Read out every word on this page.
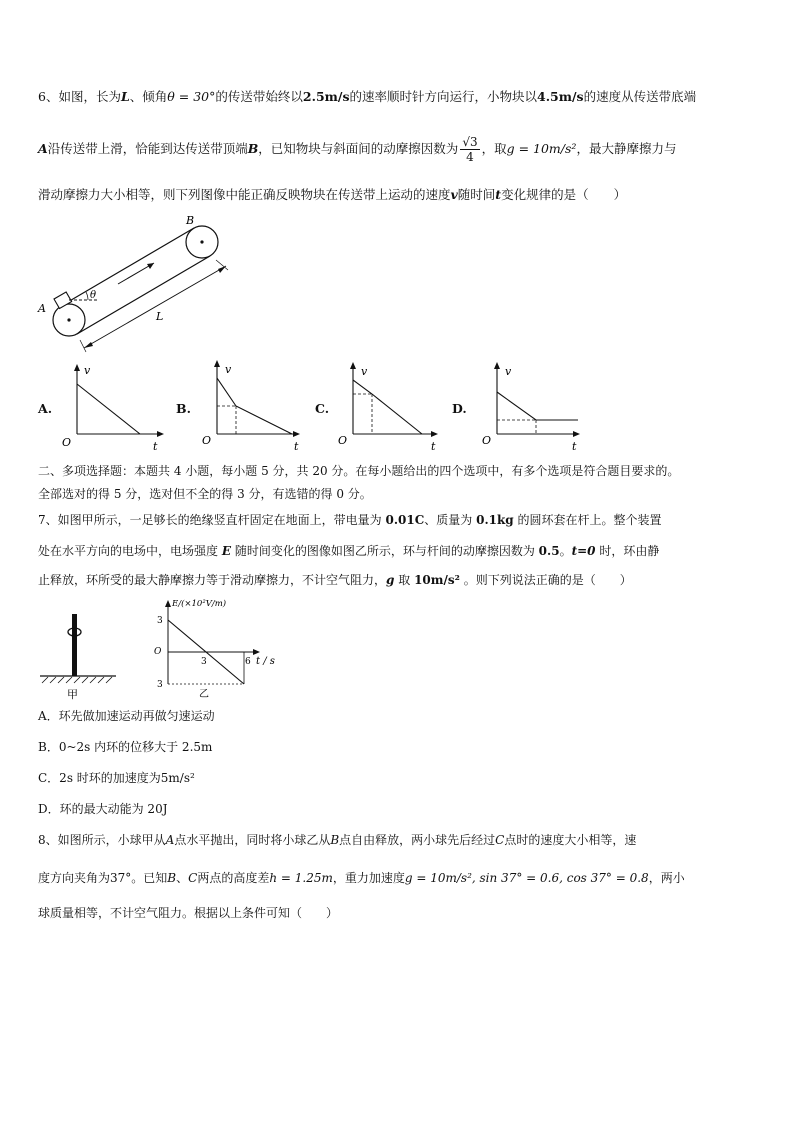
6、如图，长为L、倾角θ = 30°的传送带始终以2.5m/s的速率顺时针方向运行，小物块以4.5m/s的速度从传送带底端
A沿传送带上滑，恰能到达传送带顶端B，已知物块与斜面间的动摩擦因数为 $\frac{√3}{4}$ ，取g = 10m/s²，最大静摩擦力与
滑动摩擦力大小相等，则下列图像中能正确反映物块在传送带上运动的速度v随时间t变化规律的是（　　）
θ
L
A
B
A.	B.	C.	D.
v
t
O
v
t
O
v
t
O
v
t
O
二、多项选择题：本题共 4 小题，每小题 5 分，共 20 分。在每小题给出的四个选项中，有多个选项是符合题目要求的。
全部选对的得 5 分，选对但不全的得 3 分，有选错的得 0 分。
7、如图甲所示，一足够长的绝缘竖直杆固定在地面上，带电量为 0.01C、质量为 0.1kg 的圆环套在杆上。整个装置
处在水平方向的电场中，电场强度 E 随时间变化的图像如图乙所示，环与杆间的动摩擦因数为 0.5。t=0 时，环由静
止释放，环所受的最大静摩擦力等于滑动摩擦力，不计空气阻力，g 取 10m/s² 。则下列说法正确的是（　　）
甲
E/(×10²V/m)
3
O
3
3	6 t / s
乙
A．环先做加速运动再做匀速运动
B．0~2s 内环的位移大于 2.5m
C．2s 时环的加速度为5m/s²
D．环的最大动能为 20J
8、如图所示，小球甲从A点水平抛出，同时将小球乙从B点自由释放，两小球先后经过C点时的速度大小相等，速
度方向夹角为37°。已知B、C两点的高度差h = 1.25m，重力加速度g = 10m/s², sin 37° = 0.6, cos 37° = 0.8，两小
球质量相等，不计空气阻力。根据以上条件可知（　　）
